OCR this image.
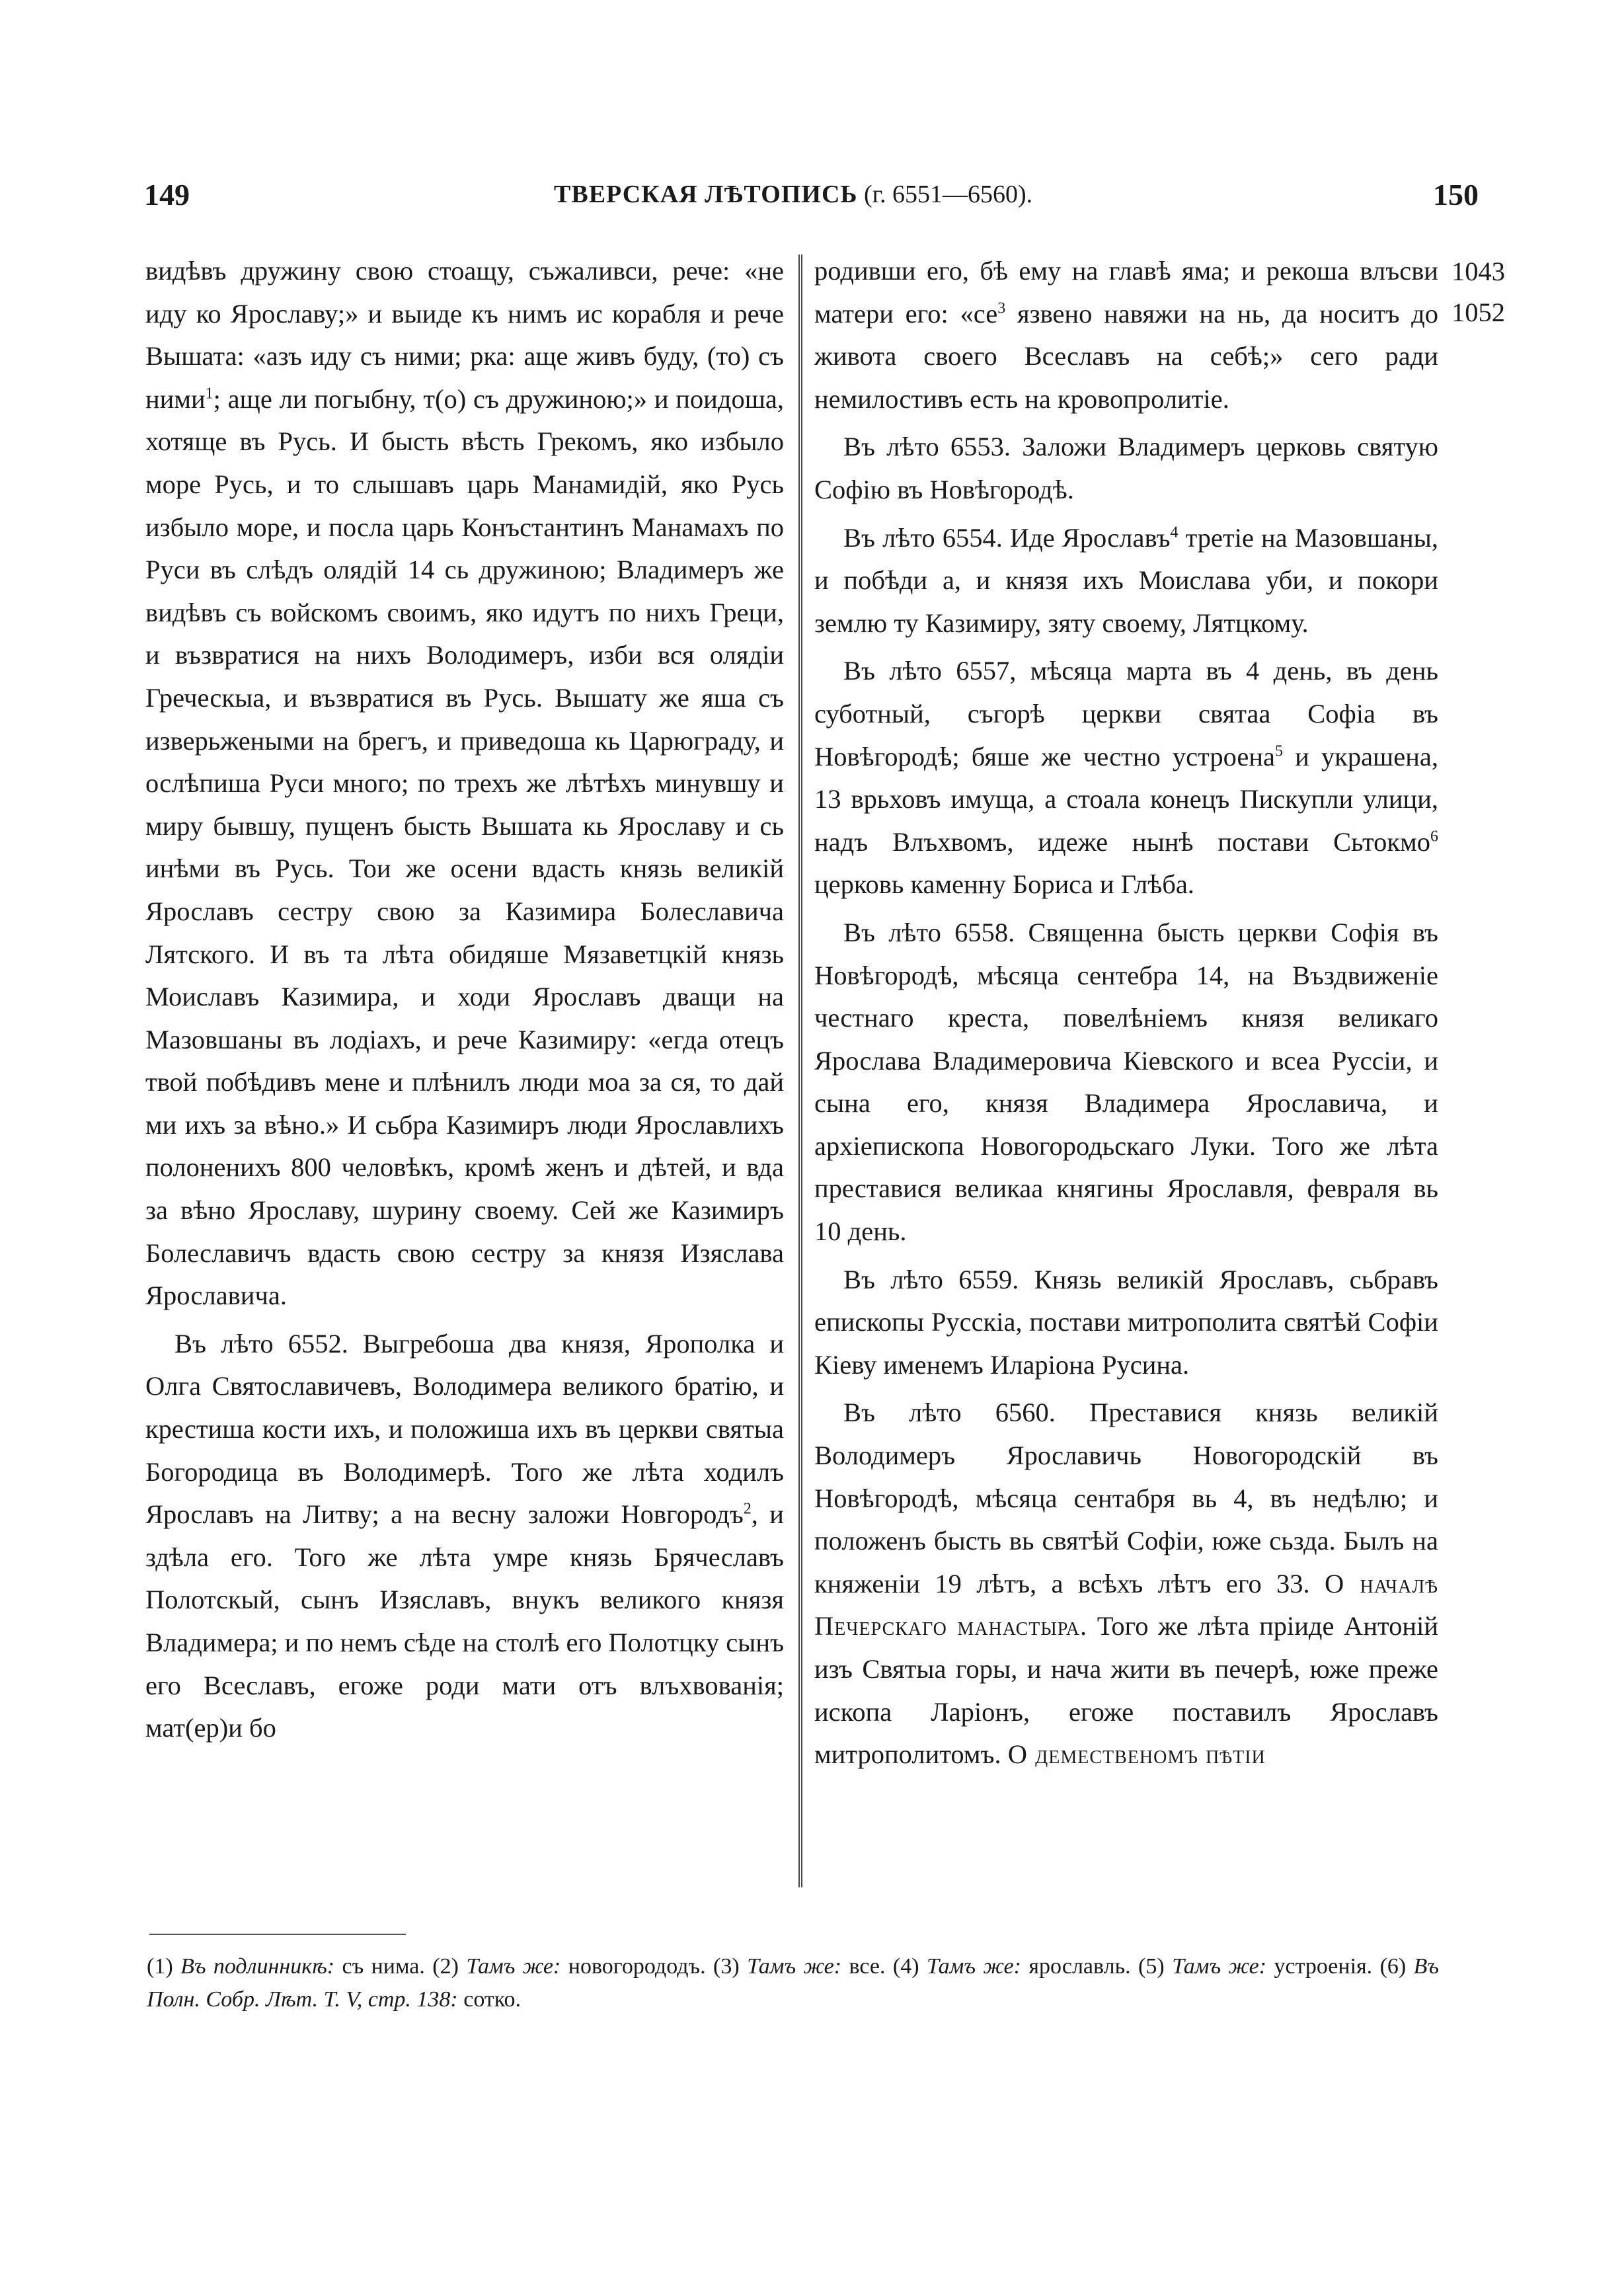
149	ТВЕРСКАЯ ЛѢТОПИСЬ (г. 6551—6560).	150

видѣвъ дружину свою стоащу, съжаливси, рече: «не иду ко Ярославу;» и выиде къ нимъ ис корабля и рече Вышата: «азъ иду съ ними; рка: аще живъ буду, (то) съ ними$^1$; аще ли погыбну, т(о) съ дружиною;» и поидоша, хотяще въ Русь. И бысть вѣсть Грекомъ, яко избыло море Русь, и то слышавъ царь Манамидій, яко Русь избыло море, и посла царь Конъстантинъ Манамахъ по Руси въ слѣдъ олядій 14 сь дружиною; Владимеръ же видѣвъ съ войскомъ своимъ, яко идутъ по нихъ Греци, и възвратися на нихъ Володимеръ, изби вся олядіи Греческыа, и възвратися въ Русь. Вышату же яша съ изверьжеными на брегъ, и приведоша кь Царюграду, и ослѣпиша Руси много; по трехъ же лѣтѣхъ минувшу и миру бывшу, пущенъ бысть Вышата кь Ярославу и сь инѣми въ Русь. Тои же осени вдасть князь великій Ярославъ сестру свою за Казимира Болеславича Лятского. И въ та лѣта обидяше Мязаветцкій князь Моиславъ Казимира, и ходи Ярославъ дващи на Мазовшаны въ лодіахъ, и рече Казимиру: «егда отецъ твой побѣдивъ мене и плѣнилъ люди моа за ся, то дай ми ихъ за вѣно.» И сьбра Казимиръ люди Ярославлихъ полоненихъ 800 человѣкъ, кромѣ женъ и дѣтей, и вда за вѣно Ярославу, шурину своему. Сей же Казимиръ Болеславичъ вдасть свою сестру за князя Изяслава Ярославича.

Въ лѣто 6552. Выгребоша два князя, Ярополка и Олга Святославичевъ, Володимера великого братію, и крестиша кости ихъ, и положиша ихъ въ церкви святыа Богородица въ Володимерѣ. Того же лѣта ходилъ Ярославъ на Литву; а на весну заложи Новгородъ$^2$, и здѣла его. Того же лѣта умре князь Брячеславъ Полотскый, сынъ Изяславъ, внукъ великого князя Владимера; и по немъ сѣде на столѣ его Полотцку сынъ его Всеславъ, егоже роди мати отъ влъхвованія; мат(ер)и бо

родивши его, бѣ ему на главѣ яма; и рекоша влъсви матери его: «$се^3$ язвено навяжи на нь, да носитъ до живота своего Всеславъ на себѣ;» сего ради немилостивъ есть на кровопролитіе.

Въ лѣто 6553. Заложи Владимеръ церковь святую Софію въ Новѣгородѣ.

Въ лѣто 6554. Иде Ярославъ$^4$ третіе на Мазовшаны, и побѣди а, и князя ихъ Моислава уби, и покори землю ту Казимиру, зяту своему, Лятцкому.

Въ лѣто 6557, мѣсяца марта въ 4 день, въ день суботный, съгорѣ церкви святаа Софіа въ Новѣгородѣ; бяше же честно устроена$^5$ и украшена, 13 врьховъ имуща, а стоала конецъ Пискупли улици, надъ Влъхвомъ, идеже нынѣ постави Сьтокмо$^6$ церковь каменну Бориса и Глѣба.

Въ лѣто 6558. Священна бысть церкви Софія въ Новѣгородѣ, мѣсяца сентебра 14, на Въздвиженіе честнаго креста, повелѣніемъ князя великаго Ярослава Владимеровича Кіевского и всеа Руссіи, и сына его, князя Владимера Ярославича, и архіепископа Новогородьскаго Луки. Того же лѣта преставися великаа княгины Ярославля, февраля вь 10 день.

Въ лѣто 6559. Князь великій Ярославъ, сьбравъ епископы Русскіа, постави митрополита святѣй Софіи Кіеву именемъ Иларіона Русина.

Въ лѣто 6560. Преставися князь великій Володимеръ Ярославичь Новогородскій въ Новѣгородѣ, мѣсяца сентабря вь 4, въ недѣлю; и положенъ бысть вь святѣй Софіи, юже сьзда. Былъ на княженіи 19 лѣтъ, а всѣхъ лѣтъ его 33. О началѣ Печерскаго манастыра. Того же лѣта пріиде Антоній изъ Святыа горы, и нача жити въ печерѣ, юже преже ископа Ларіонъ, егоже поставилъ Ярославъ митрополитомъ. О демественомъ пѣтіи

1043
1052
(1) Въ подлинникѣ: съ нима. (2) Тамъ же: новогорододъ. (3) Тамъ же: все. (4) Тамъ же: ярославль. (5) Тамъ же: устроенія. (6) Въ Полн. Собр. Лѣт. Т. V, стр. 138: сотко.
